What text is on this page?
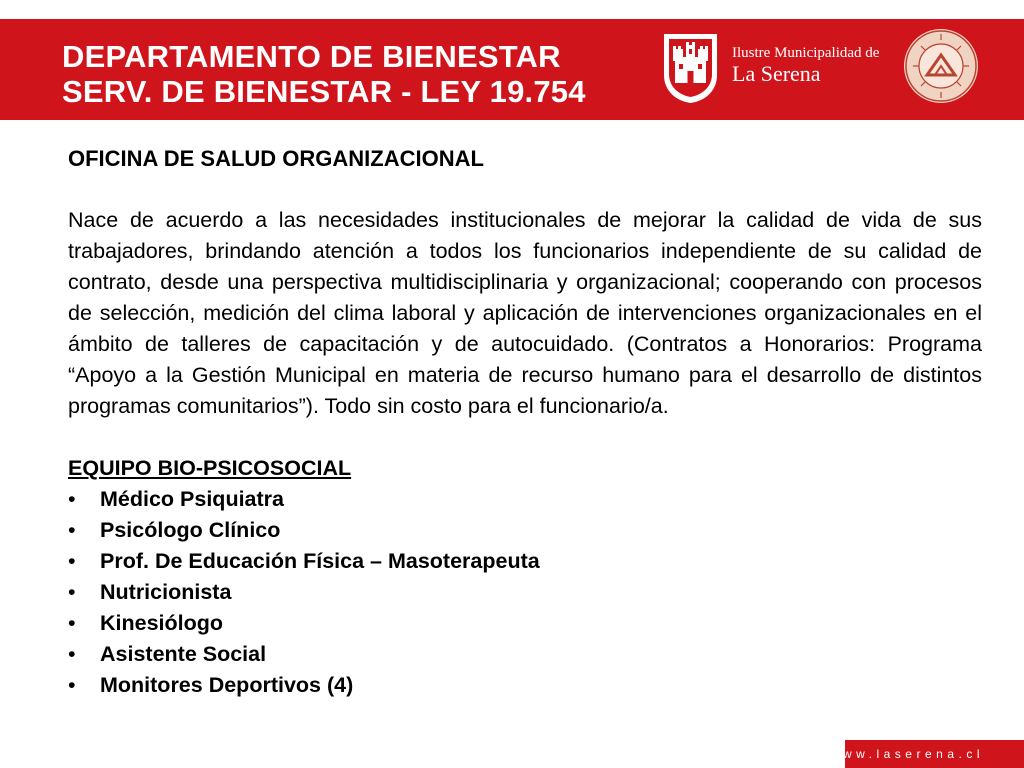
DEPARTAMENTO DE BIENESTAR
SERV. DE BIENESTAR - LEY 19.754
Ilustre Municipalidad de
La Serena
OFICINA DE SALUD ORGANIZACIONAL

Nace de acuerdo a las necesidades institucionales de mejorar la calidad de vida de sus trabajadores, brindando atención a todos los funcionarios independiente de su calidad de contrato, desde una perspectiva multidisciplinaria y organizacional; cooperando con procesos de selección, medición del clima laboral y aplicación de intervenciones organizacionales en el ámbito de talleres de capacitación y de autocuidado. (Contratos a Honorarios: Programa “Apoyo a la Gestión Municipal en materia de recurso humano para el desarrollo de distintos programas comunitarios”). Todo sin costo para el funcionario/a.

EQUIPO BIO-PSICOSOCIAL
•	Médico Psiquiatra
•	Psicólogo Clínico
•	Prof. De Educación Física – Masoterapeuta
•	Nutricionista
•	Kinesiólogo
•	Asistente Social
•	Monitores Deportivos (4)
www.laserena.cl
